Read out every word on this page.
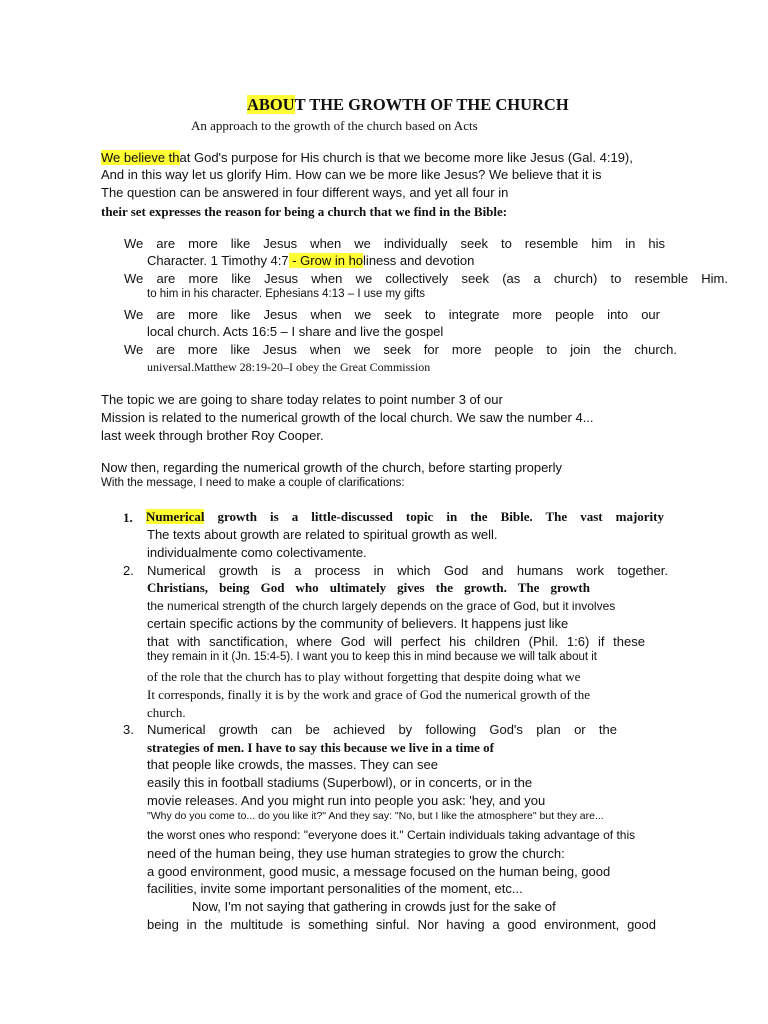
ABOUT THE GROWTH OF THE CHURCH
An approach to the growth of the church based on Acts
We believe that God's purpose for His church is that we become more like Jesus (Gal. 4:19),
And in this way let us glorify Him. How can we be more like Jesus? We believe that it is
The question can be answered in four different ways, and yet all four in
their set expresses the reason for being a church that we find in the Bible:
We are more like Jesus when we individually seek to resemble him in his
Character. 1 Timothy 4:7 - Grow in holiness and devotion
We are more like Jesus when we collectively seek (as a church) to resemble Him.
to him in his character. Ephesians 4:13 – I use my gifts
We are more like Jesus when we seek to integrate more people into our
local church. Acts 16:5 – I share and live the gospel
We are more like Jesus when we seek for more people to join the church.
universal.Matthew 28:19-20–I obey the Great Commission
The topic we are going to share today relates to point number 3 of our
Mission is related to the numerical growth of the local church. We saw the number 4...
last week through brother Roy Cooper.
Now then, regarding the numerical growth of the church, before starting properly
With the message, I need to make a couple of clarifications:
1. Numerical growth is a little-discussed topic in the Bible. The vast majority
The texts about growth are related to spiritual growth as well.
individualmente como colectivamente.
2. Numerical growth is a process in which God and humans work together.
Christians, being God who ultimately gives the growth. The growth
the numerical strength of the church largely depends on the grace of God, but it involves
certain specific actions by the community of believers. It happens just like
that with sanctification, where God will perfect his children (Phil. 1:6) if these
they remain in it (Jn. 15:4-5). I want you to keep this in mind because we will talk about it
of the role that the church has to play without forgetting that despite doing what we
It corresponds, finally it is by the work and grace of God the numerical growth of the
church.
3. Numerical growth can be achieved by following God's plan or the
strategies of men. I have to say this because we live in a time of
that people like crowds, the masses. They can see
easily this in football stadiums (Superbowl), or in concerts, or in the
movie releases. And you might run into people you ask: 'hey, and you
"Why do you come to... do you like it?" And they say: "No, but I like the atmosphere" but they are...
the worst ones who respond: "everyone does it." Certain individuals taking advantage of this
need of the human being, they use human strategies to grow the church:
a good environment, good music, a message focused on the human being, good
facilities, invite some important personalities of the moment, etc...
Now, I'm not saying that gathering in crowds just for the sake of
being in the multitude is something sinful. Nor having a good environment, good
